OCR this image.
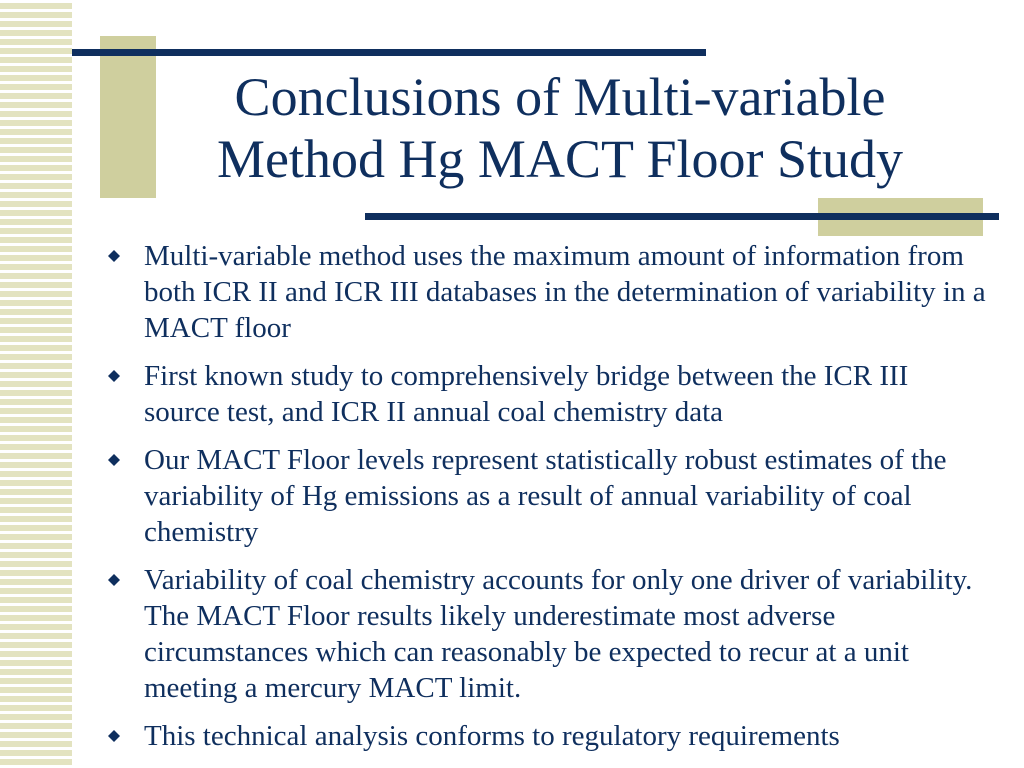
Conclusions of Multi-variable
Method Hg MACT Floor Study
Multi-variable method uses the maximum amount of information from both ICR II and ICR III databases in the determination of variability in a MACT floor
First known study to comprehensively bridge between the ICR III source test, and ICR II annual coal chemistry data
Our MACT Floor levels represent statistically robust estimates of the variability of Hg emissions as a result of annual variability of coal chemistry
Variability of coal chemistry accounts for only one driver of variability. The MACT Floor results likely underestimate most adverse circumstances which can reasonably be expected to recur at a unit meeting a mercury MACT limit.
This technical analysis conforms to regulatory requirements
